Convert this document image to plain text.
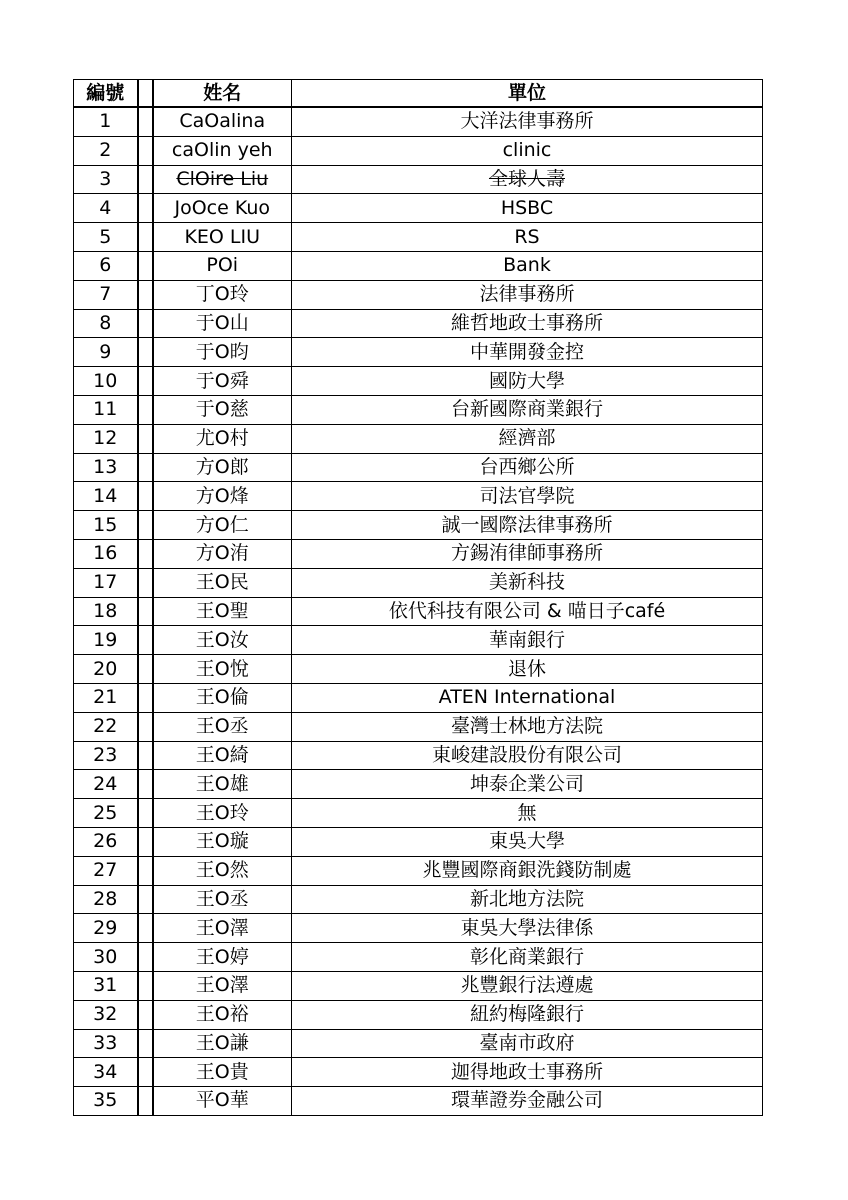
編號		姓名	單位
1		CaOalina	大洋法律事務所
2		caOlin yeh	clinic
3		ClOire Liu	全球人壽
4		JoOce Kuo	HSBC
5		KEO LIU	RS
6		POi	Bank
7		丁O玲	法律事務所
8		于O山	維哲地政士事務所
9		于O昀	中華開發金控
10		于O舜	國防大學
11		于O慈	台新國際商業銀行
12		尤O村	經濟部
13		方O郎	台西鄉公所
14		方O烽	司法官學院
15		方O仁	誠一國際法律事務所
16		方O洧	方錫洧律師事務所
17		王O民	美新科技
18		王O聖	依代科技有限公司 & 喵日子café
19		王O汝	華南銀行
20		王O悅	退休
21		王O倫	ATEN International
22		王O丞	臺灣士林地方法院
23		王O綺	東峻建設股份有限公司
24		王O雄	坤泰企業公司
25		王O玲	無
26		王O璇	東吳大學
27		王O然	兆豐國際商銀洗錢防制處
28		王O丞	新北地方法院
29		王O澤	東吳大學法律係
30		王O婷	彰化商業銀行
31		王O澤	兆豐銀行法遵處
32		王O裕	紐約梅隆銀行
33		王O謙	臺南市政府
34		王O貴	迦得地政士事務所
35		平O華	環華證券金融公司
